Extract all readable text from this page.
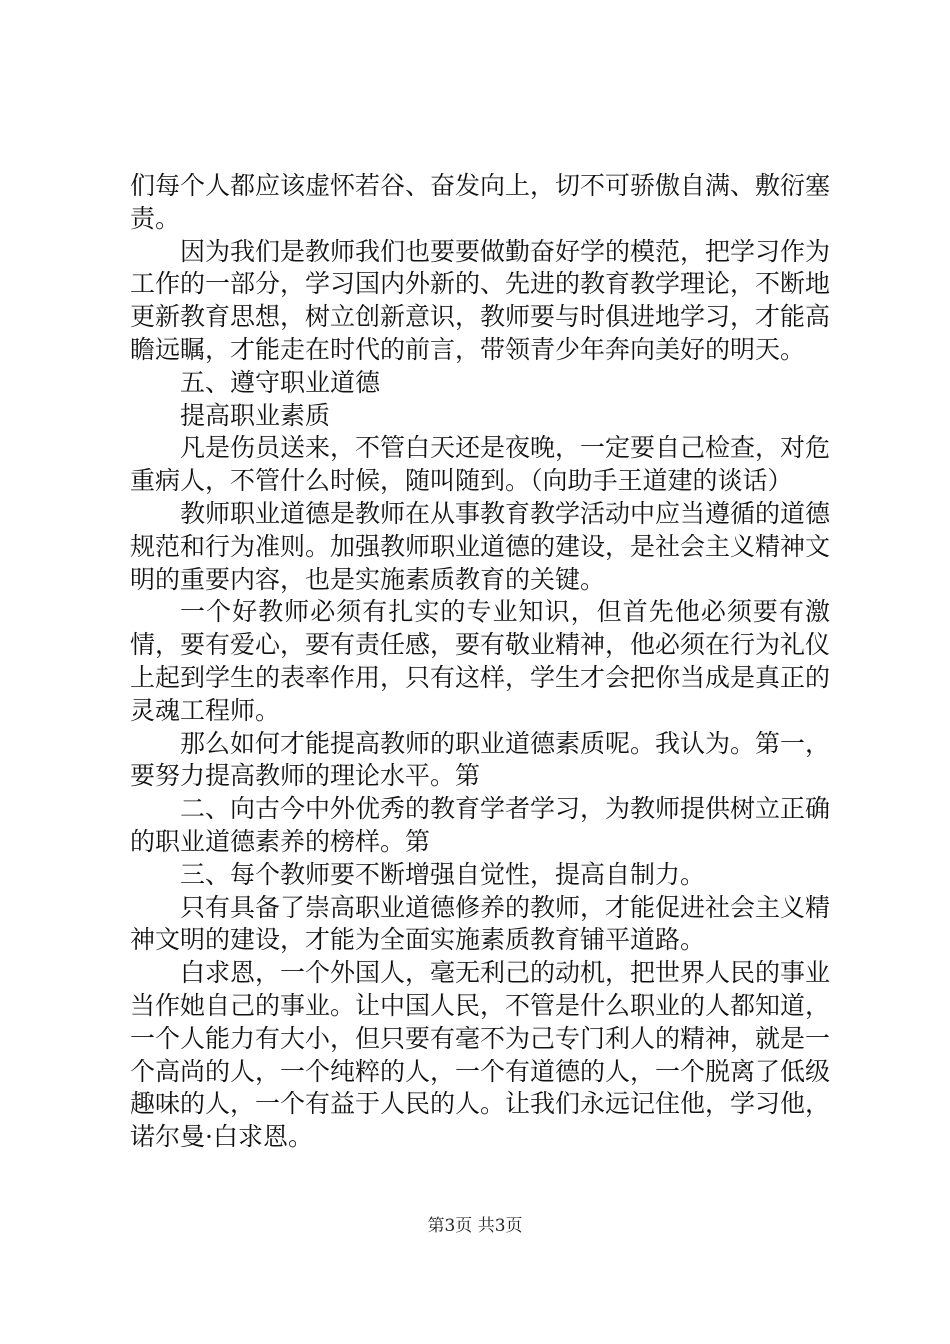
们每个人都应该虚怀若谷、奋发向上，切不可骄傲自满、敷衍塞责。

因为我们是教师我们也要要做勤奋好学的模范，把学习作为工作的一部分，学习国内外新的、先进的教育教学理论，不断地更新教育思想，树立创新意识，教师要与时俱进地学习，才能高瞻远瞩，才能走在时代的前言，带领青少年奔向美好的明天。

五、遵守职业道德

提高职业素质

凡是伤员送来，不管白天还是夜晚，一定要自己检查，对危重病人，不管什么时候，随叫随到。（向助手王道建的谈话）

教师职业道德是教师在从事教育教学活动中应当遵循的道德规范和行为准则。加强教师职业道德的建设，是社会主义精神文明的重要内容，也是实施素质教育的关键。

一个好教师必须有扎实的专业知识，但首先他必须要有激情，要有爱心，要有责任感，要有敬业精神，他必须在行为礼仪上起到学生的表率作用，只有这样，学生才会把你当成是真正的灵魂工程师。

那么如何才能提高教师的职业道德素质呢。我认为。第一，要努力提高教师的理论水平。第

二、向古今中外优秀的教育学者学习，为教师提供树立正确的职业道德素养的榜样。第

三、每个教师要不断增强自觉性，提高自制力。

只有具备了崇高职业道德修养的教师，才能促进社会主义精神文明的建设，才能为全面实施素质教育铺平道路。

白求恩，一个外国人，毫无利己的动机，把世界人民的事业当作她自己的事业。让中国人民，不管是什么职业的人都知道，一个人能力有大小，但只要有毫不为己专门利人的精神，就是一个高尚的人，一个纯粹的人，一个有道德的人，一个脱离了低级趣味的人，一个有益于人民的人。让我们永远记住他，学习他，诺尔曼·白求恩。

第3页 共3页
